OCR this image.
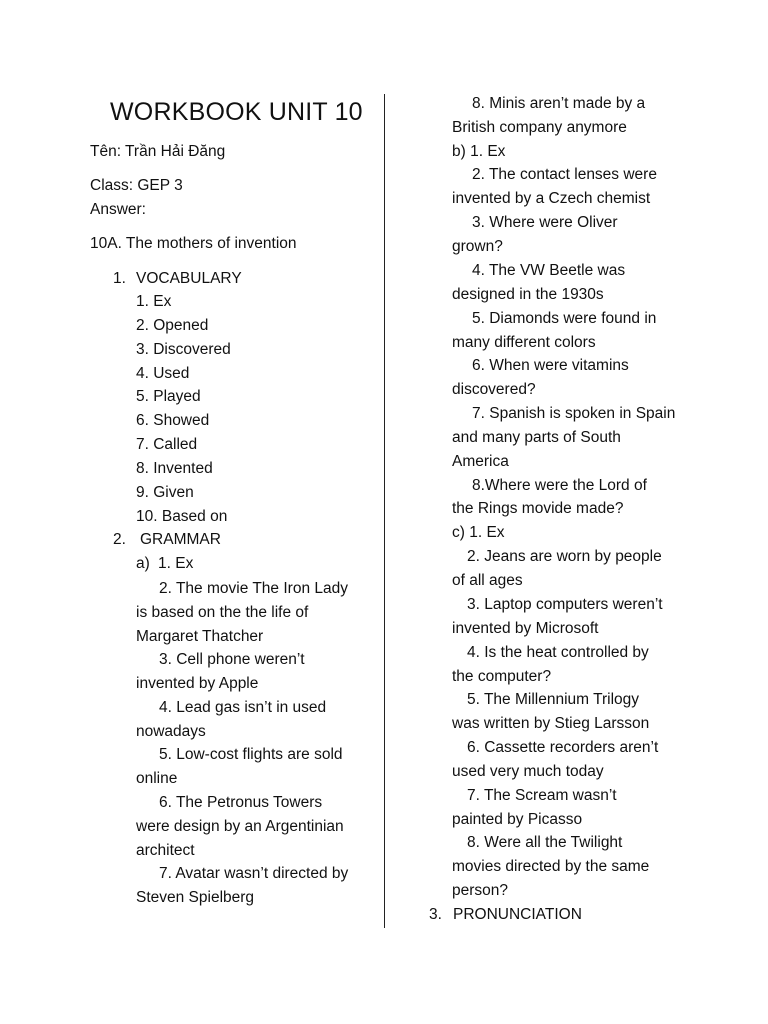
WORKBOOK UNIT 10
Tên: Trần Hải Đăng
Class: GEP 3
Answer:
10A. The mothers of invention
1. VOCABULARY
1. Ex
2. Opened
3. Discovered
4. Used
5. Played
6. Showed
7. Called
8. Invented
9. Given
10. Based on
2. GRAMMAR
a) 1. Ex
2. The movie The Iron Lady
is based on the the life of
Margaret Thatcher
3. Cell phone weren’t
invented by Apple
4. Lead gas isn’t in used
nowadays
5. Low-cost flights are sold
online
6. The Petronus Towers
were design by an Argentinian
architect
7. Avatar wasn’t directed by
Steven Spielberg
8. Minis aren’t made by a
British company anymore
b) 1. Ex
2. The contact lenses were
invented by a Czech chemist
3. Where were Oliver
grown?
4. The VW Beetle was
designed in the 1930s
5. Diamonds were found in
many different colors
6. When were vitamins
discovered?
7. Spanish is spoken in Spain
and many parts of South
America
8.Where were the Lord of
the Rings movide made?
c) 1. Ex
2. Jeans are worn by people
of all ages
3. Laptop computers weren’t
invented by Microsoft
4. Is the heat controlled by
the computer?
5. The Millennium Trilogy
was written by Stieg Larsson
6. Cassette recorders aren’t
used very much today
7. The Scream wasn’t
painted by Picasso
8. Were all the Twilight
movies directed by the same
person?
3. PRONUNCIATION
